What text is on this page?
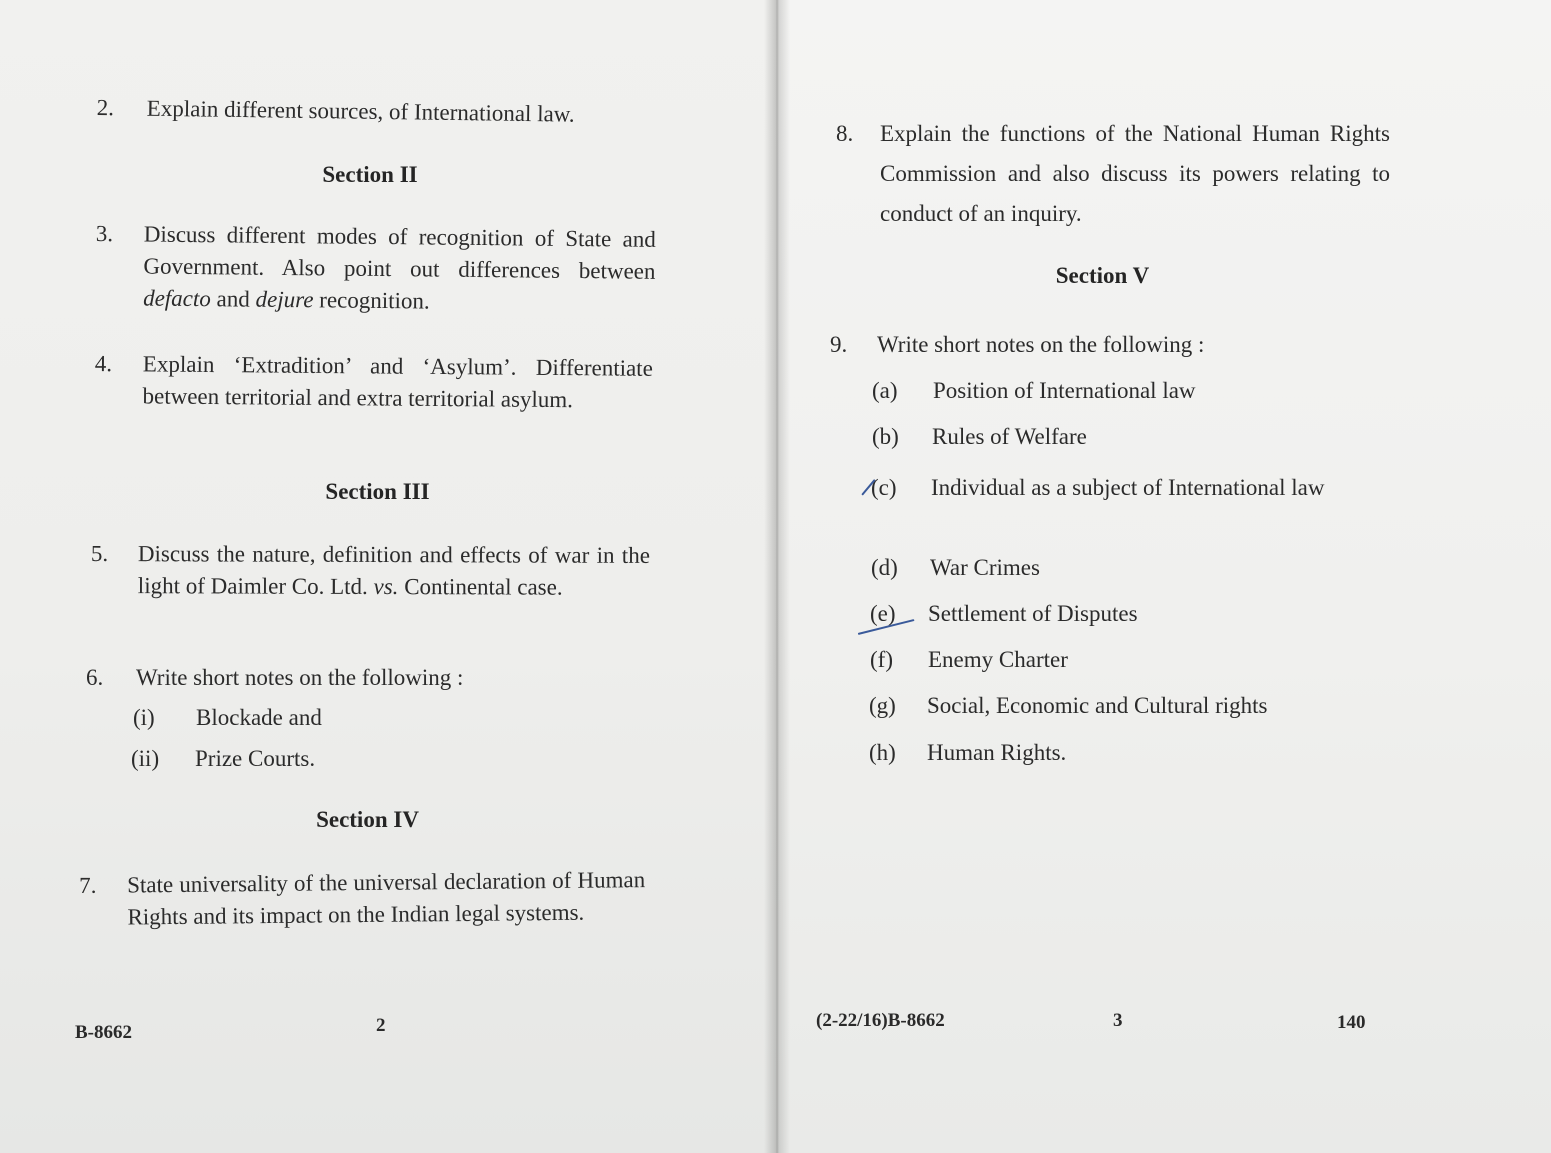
2. Explain different sources, of International law.
Section II
3. Discuss different modes of recognition of State and Government. Also point out differences between defacto and dejure recognition.
4. Explain ‘Extradition’ and ‘Asylum’. Differentiate between territorial and extra territorial asylum.
Section III
5. Discuss the nature, definition and effects of war in the light of Daimler Co. Ltd. vs. Continental case.
6. Write short notes on the following :
(i) Blockade and
(ii) Prize Courts.
Section IV
7. State universality of the universal declaration of Human Rights and its impact on the Indian legal systems.
B-8662	2
8. Explain the functions of the National Human Rights Commission and also discuss its powers relating to conduct of an inquiry.
Section V
9. Write short notes on the following :
(a) Position of International law
(b) Rules of Welfare
(c) Individual as a subject of International law
(d) War Crimes
(e) Settlement of Disputes
(f) Enemy Charter
(g) Social, Economic and Cultural rights
(h) Human Rights.
(2-22/16)B-8662	3	140
